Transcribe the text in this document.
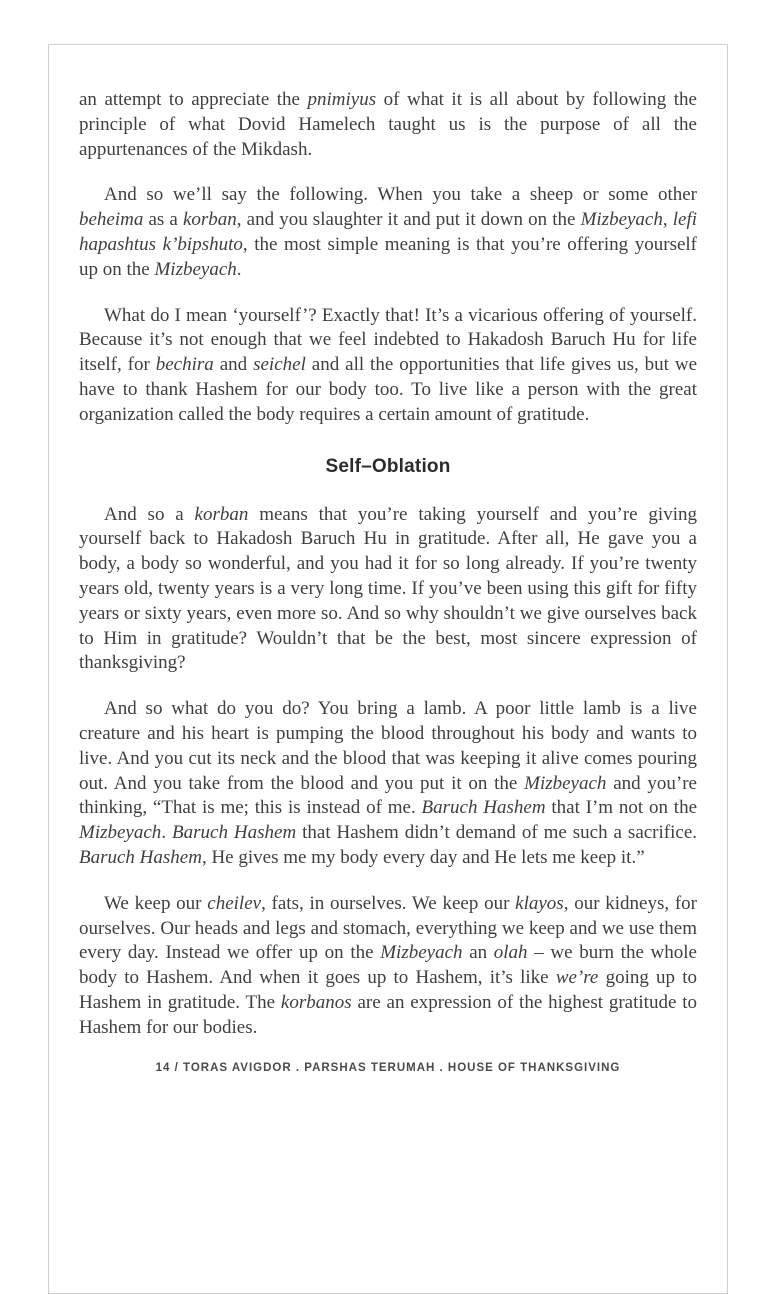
an attempt to appreciate the pnimiyus of what it is all about by following the principle of what Dovid Hamelech taught us is the purpose of all the appurtenances of the Mikdash.

And so we’ll say the following. When you take a sheep or some other beheima as a korban, and you slaughter it and put it down on the Mizbeyach, lefi hapashtus k’bipshuto, the most simple meaning is that you’re offering yourself up on the Mizbeyach.

What do I mean ‘yourself’? Exactly that! It’s a vicarious offering of yourself. Because it’s not enough that we feel indebted to Hakadosh Baruch Hu for life itself, for bechira and seichel and all the opportunities that life gives us, but we have to thank Hashem for our body too. To live like a person with the great organization called the body requires a certain amount of gratitude.

Self–Oblation

And so a korban means that you’re taking yourself and you’re giving yourself back to Hakadosh Baruch Hu in gratitude. After all, He gave you a body, a body so wonderful, and you had it for so long already. If you’re twenty years old, twenty years is a very long time. If you’ve been using this gift for fifty years or sixty years, even more so. And so why shouldn’t we give ourselves back to Him in gratitude? Wouldn’t that be the best, most sincere expression of thanksgiving?

And so what do you do? You bring a lamb. A poor little lamb is a live creature and his heart is pumping the blood throughout his body and wants to live. And you cut its neck and the blood that was keeping it alive comes pouring out. And you take from the blood and you put it on the Mizbeyach and you’re thinking, “That is me; this is instead of me. Baruch Hashem that I’m not on the Mizbeyach. Baruch Hashem that Hashem didn’t demand of me such a sacrifice. Baruch Hashem, He gives me my body every day and He lets me keep it.”

We keep our cheilev, fats, in ourselves. We keep our klayos, our kidneys, for ourselves. Our heads and legs and stomach, everything we keep and we use them every day. Instead we offer up on the Mizbeyach an olah – we burn the whole body to Hashem. And when it goes up to Hashem, it’s like we’re going up to Hashem in gratitude. The korbanos are an expression of the highest gratitude to Hashem for our bodies.

14 / TORAS AVIGDOR . PARSHAS TERUMAH . HOUSE OF THANKSGIVING
